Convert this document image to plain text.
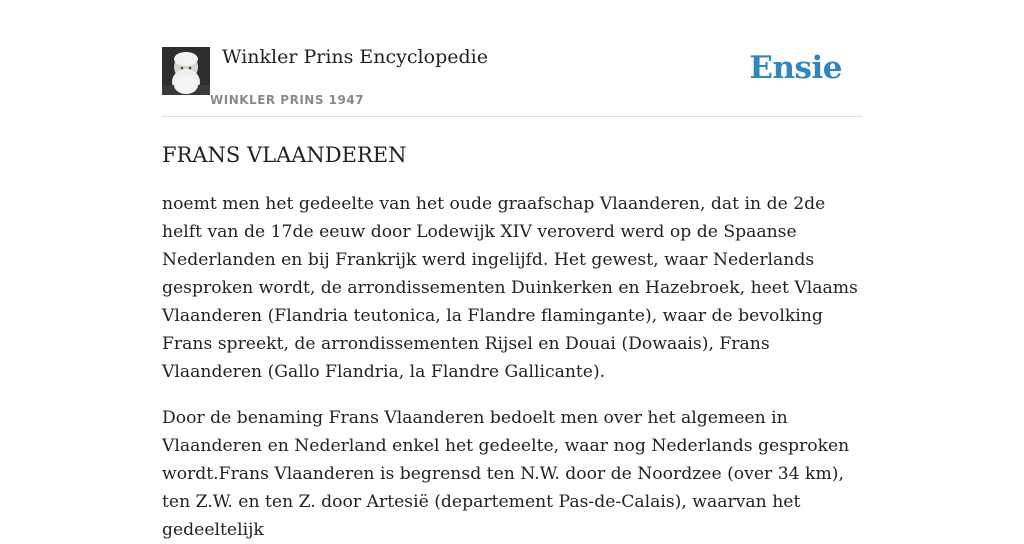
Winkler Prins Encyclopedie
WINKLER PRINS 1947
Ensie
FRANS VLAANDEREN

noemt men het gedeelte van het oude graafschap Vlaanderen, dat in de 2de helft van de 17de eeuw door Lodewijk XIV veroverd werd op de Spaanse Nederlanden en bij Frankrijk werd ingelijfd. Het gewest, waar Nederlands gesproken wordt, de arrondissementen Duinkerken en Hazebroek, heet Vlaams Vlaanderen (Flandria teutonica, la Flandre flamingante), waar de bevolking Frans spreekt, de arrondissementen Rijsel en Douai (Dowaais), Frans Vlaanderen (Gallo Flandria, la Flandre Gallicante).

Door de benaming Frans Vlaanderen bedoelt men over het algemeen in Vlaanderen en Nederland enkel het gedeelte, waar nog Nederlands gesproken wordt.Frans Vlaanderen is begrensd ten N.W. door de Noordzee (over 34 km), ten Z.W. en ten Z. door Artesië (departement Pas-de-Calais), waarvan het gedeeltelijk
